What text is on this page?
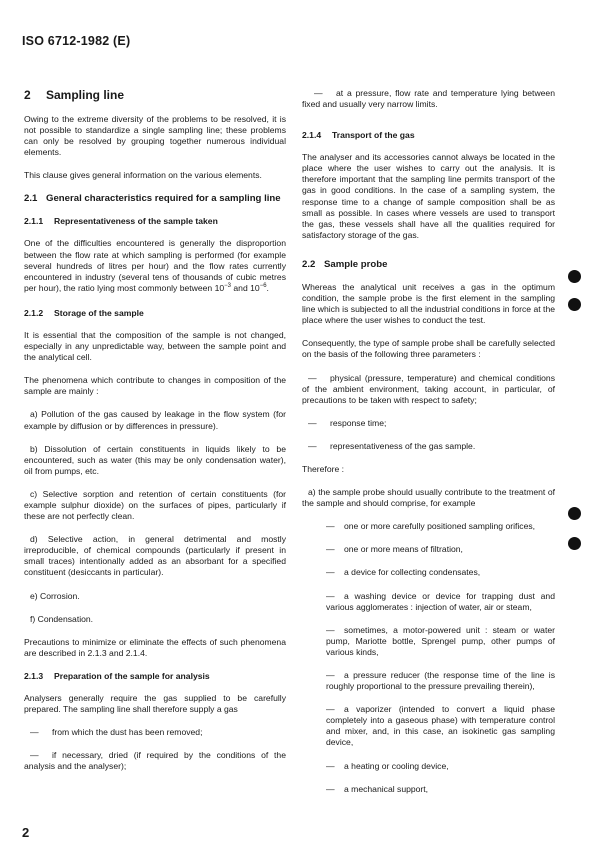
ISO 6712-1982 (E)
2 Sampling line

Owing to the extreme diversity of the problems to be resolved, it is not possible to standardize a single sampling line; these problems can only be resolved by grouping together numerous individual elements.

This clause gives general information on the various elements.

2.1 General characteristics required for a sampling line
2.1.1 Representativeness of the sample taken

One of the difficulties encountered is generally the disproportion between the flow rate at which sampling is performed (for example several hundreds of litres per hour) and the flow rates currently encountered in industry (several tens of thousands of cubic metres per hour), the ratio lying most commonly between $10^{-3}$ and $10^{-6}$.

2.1.2 Storage of the sample

It is essential that the composition of the sample is not changed, especially in any unpredictable way, between the sample point and the analytical cell.

The phenomena which contribute to changes in composition of the sample are mainly :

a) Pollution of the gas caused by leakage in the flow system (for example by diffusion or by differences in pressure).
b) Dissolution of certain constituents in liquids likely to be encountered, such as water (this may be only condensation water), oil from pumps, etc.
c) Selective sorption and retention of certain constituents (for example sulphur dioxide) on the surfaces of pipes, particularly if these are not perfectly clean.
d) Selective action, in general detrimental and mostly irreproducible, of chemical compounds (particularly if present in small traces) intentionally added as an absorbant for a specified constituent (desiccants in particular).
e) Corrosion.
f) Condensation.

Precautions to minimize or eliminate the effects of such phenomena are described in 2.1.3 and 2.1.4.

2.1.3 Preparation of the sample for analysis

Analysers generally require the gas supplied to be carefully prepared. The sampling line shall therefore supply a gas

— from which the dust has been removed;
— if necessary, dried (if required by the conditions of the analysis and the analyser);
— at a pressure, flow rate and temperature lying between fixed and usually very narrow limits.
2.1.4 Transport of the gas

The analyser and its accessories cannot always be located in the place where the user wishes to carry out the analysis. It is therefore important that the sampling line permits transport of the gas in good conditions. In the case of a sampling system, the response time to a change of sample composition shall be as small as possible. In cases where vessels are used to transport the gas, these vessels shall have all the qualities required for satisfactory storage of the gas.

2.2 Sample probe

Whereas the analytical unit receives a gas in the optimum condition, the sample probe is the first element in the sampling line which is subjected to all the industrial conditions in force at the place where the user wishes to conduct the test.

Consequently, the type of sample probe shall be carefully selected on the basis of the following three parameters :

— physical (pressure, temperature) and chemical conditions of the ambient environment, taking account, in particular, of precautions to be taken with respect to safety;
— response time;
— representativeness of the gas sample.

Therefore :

a) the sample probe should usually contribute to the treatment of the sample and should comprise, for example
— one or more carefully positioned sampling orifices,
— one or more means of filtration,
— a device for collecting condensates,
— a washing device or device for trapping dust and various agglomerates : injection of water, air or steam,
— sometimes, a motor-powered unit : steam or water pump, Mariotte bottle, Sprengel pump, other pumps of various kinds,
— a pressure reducer (the response time of the line is roughly proportional to the pressure prevailing therein),
— a vaporizer (intended to convert a liquid phase completely into a gaseous phase) with temperature control and mixer, and, in this case, an isokinetic gas sampling device,
— a heating or cooling device,
— a mechanical support,
2
